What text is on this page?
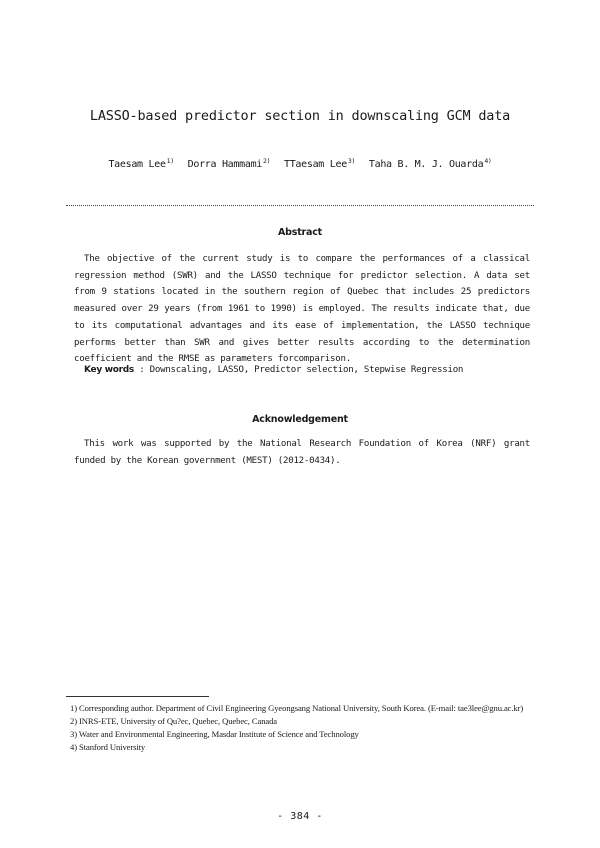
LASSO-based predictor section in downscaling GCM data
Taesam Lee$^{1)}$ Dorra Hammami$^{2)}$ TTaesam Lee$^{3)}$ Taha B. M. J. Ouarda$^{4)}$
Abstract
The objective of the current study is to compare the performances of a classical regression method (SWR) and the LASSO technique for predictor selection. A data set from 9 stations located in the southern region of Quebec that includes 25 predictors measured over 29 years (from 1961 to 1990) is employed. The results indicate that, due to its computational advantages and its ease of implementation, the LASSO technique performs better than SWR and gives better results according to the determination coefficient and the RMSE as parameters forcomparison.
Key words : Downscaling, LASSO, Predictor selection, Stepwise Regression
Acknowledgement
This work was supported by the National Research Foundation of Korea (NRF) grant funded by the Korean government (MEST) (2012-0434).
1) Corresponding author. Department of Civil Engineering Gyeongsang National University, South Korea. (E-mail: tae3lee@gnu.ac.kr)
2) INRS-ETE, University of Qu?ec, Quebec, Quebec, Canada
3) Water and Environmental Engineering, Masdar Institute of Science and Technology
4) Stanford University
- 384 -
